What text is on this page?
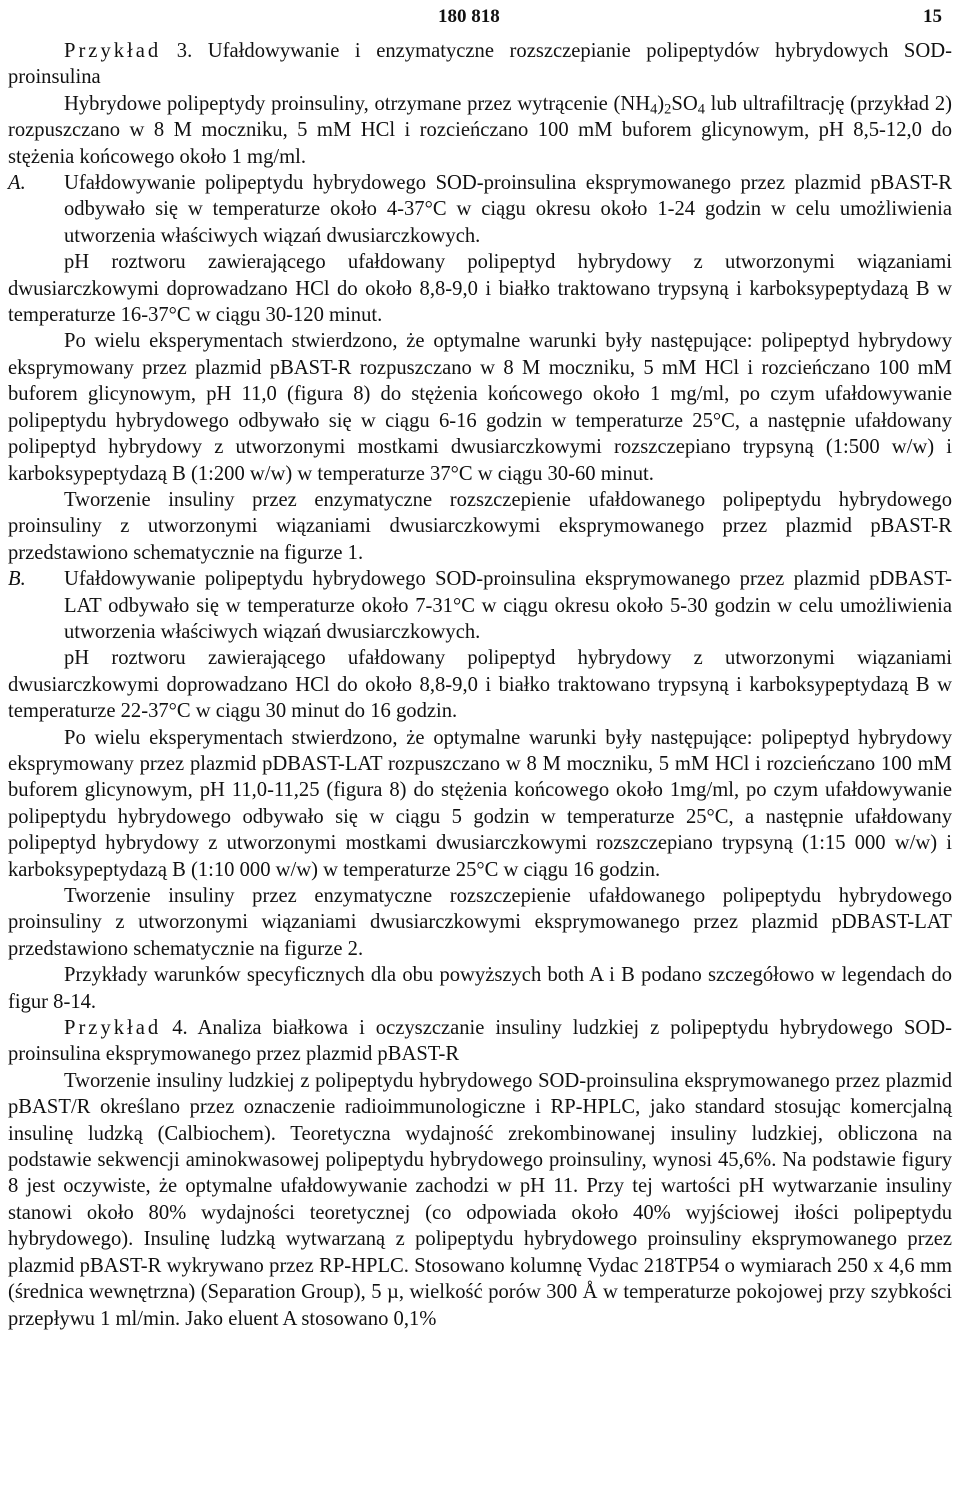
180 818	15

Przykład 3. Ufałdowywanie i enzymatyczne rozszczepianie polipeptydów hybrydowych SOD-proinsulina

Hybrydowe polipeptydy proinsuliny, otrzymane przez wytrącenie $(NH_4)_2SO_4$ lub ultrafiltrację (przykład 2) rozpuszczano w 8 M moczniku, 5 mM HCl i rozcieńczano 100 mM buforem glicynowym, pH 8,5-12,0 do stężenia końcowego około 1 mg/ml.

A. Ufałdowywanie polipeptydu hybrydowego SOD-proinsulina eksprymowanego przez plazmid pBAST-R odbywało się w temperaturze około 4-37°C w ciągu okresu około 1-24 godzin w celu umożliwienia utworzenia właściwych wiązań dwusiarczkowych.

pH roztworu zawierającego ufałdowany polipeptyd hybrydowy z utworzonymi wiązaniami dwusiarczkowymi doprowadzano HCl do około 8,8-9,0 i białko traktowano trypsyną i karboksypeptydazą B w temperaturze 16-37°C w ciągu 30-120 minut.

Po wielu eksperymentach stwierdzono, że optymalne warunki były następujące: polipeptyd hybrydowy eksprymowany przez plazmid pBAST-R rozpuszczano w 8 M moczniku, 5 mM HCl i rozcieńczano 100 mM buforem glicynowym, pH 11,0 (figura 8) do stężenia końcowego około 1 mg/ml, po czym ufałdowywanie polipeptydu hybrydowego odbywało się w ciągu 6-16 godzin w temperaturze 25°C, a następnie ufałdowany polipeptyd hybrydowy z utworzonymi mostkami dwusiarczkowymi rozszczepiano trypsyną (1:500 w/w) i karboksypeptydazą B (1:200 w/w) w temperaturze 37°C w ciągu 30-60 minut.

Tworzenie insuliny przez enzymatyczne rozszczepienie ufałdowanego polipeptydu hybrydowego proinsuliny z utworzonymi wiązaniami dwusiarczkowymi eksprymowanego przez plazmid pBAST-R przedstawiono schematycznie na figurze 1.

B. Ufałdowywanie polipeptydu hybrydowego SOD-proinsulina eksprymowanego przez plazmid pDBAST-LAT odbywało się w temperaturze około 7-31°C w ciągu okresu około 5-30 godzin w celu umożliwienia utworzenia właściwych wiązań dwusiarczkowych.

pH roztworu zawierającego ufałdowany polipeptyd hybrydowy z utworzonymi wiązaniami dwusiarczkowymi doprowadzano HCl do około 8,8-9,0 i białko traktowano trypsyną i karboksypeptydazą B w temperaturze 22-37°C w ciągu 30 minut do 16 godzin.

Po wielu eksperymentach stwierdzono, że optymalne warunki były następujące: polipeptyd hybrydowy eksprymowany przez plazmid pDBAST-LAT rozpuszczano w 8 M moczniku, 5 mM HCl i rozcieńczano 100 mM buforem glicynowym, pH 11,0-11,25 (figura 8) do stężenia końcowego około 1mg/ml, po czym ufałdowywanie polipeptydu hybrydowego odbywało się w ciągu 5 godzin w temperaturze 25°C, a następnie ufałdowany polipeptyd hybrydowy z utworzonymi mostkami dwusiarczkowymi rozszczepiano trypsyną (1:15 000 w/w) i karboksypeptydazą B (1:10 000 w/w) w temperaturze 25°C w ciągu 16 godzin.

Tworzenie insuliny przez enzymatyczne rozszczepienie ufałdowanego polipeptydu hybrydowego proinsuliny z utworzonymi wiązaniami dwusiarczkowymi eksprymowanego przez plazmid pDBAST-LAT przedstawiono schematycznie na figurze 2.

Przykłady warunków specyficznych dla obu powyższych both A i B podano szczegółowo w legendach do figur 8-14.

Przykład 4. Analiza białkowa i oczyszczanie insuliny ludzkiej z polipeptydu hybrydowego SOD-proinsulina eksprymowanego przez plazmid pBAST-R

Tworzenie insuliny ludzkiej z polipeptydu hybrydowego SOD-proinsulina eksprymowanego przez plazmid pBAST/R określano przez oznaczenie radioimmunologiczne i RP-HPLC, jako standard stosując komercjalną insulinę ludzką (Calbiochem). Teoretyczna wydajność zrekombinowanej insuliny ludzkiej, obliczona na podstawie sekwencji aminokwasowej polipeptydu hybrydowego proinsuliny, wynosi 45,6%. Na podstawie figury 8 jest oczywiste, że optymalne ufałdowywanie zachodzi w pH 11. Przy tej wartości pH wytwarzanie insuliny stanowi około 80% wydajności teoretycznej (co odpowiada około 40% wyjściowej iłości polipeptydu hybrydowego). Insulinę ludzką wytwarzaną z polipeptydu hybrydowego proinsuliny eksprymowanego przez plazmid pBAST-R wykrywano przez RP-HPLC. Stosowano kolumnę Vydac 218TP54 o wymiarach 250 x 4,6 mm (średnica wewnętrzna) (Separation Group), 5 µ, wielkość porów 300 Å w temperaturze pokojowej przy szybkości przepływu 1 ml/min. Jako eluent A stosowano 0,1%
